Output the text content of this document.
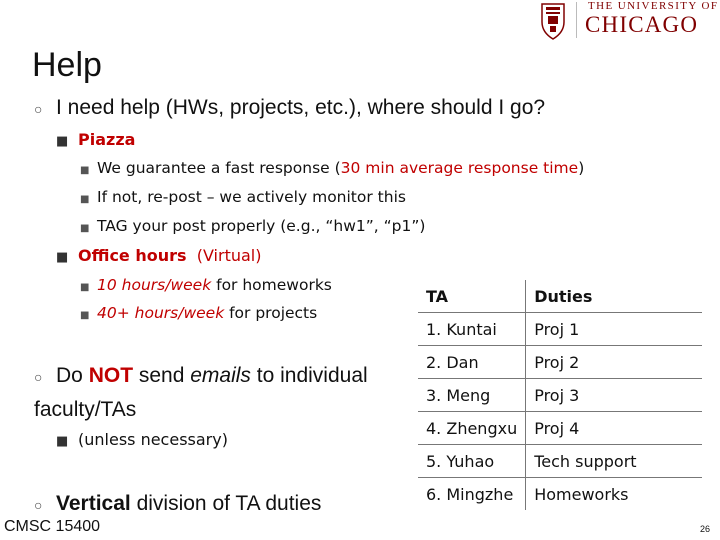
THE UNIVERSITY OF
CHICAGO
Help
○ I need help (HWs, projects, etc.), where should I go?
■ Piazza
■ We guarantee a fast response (30 min average response time)
■ If not, re-post – we actively monitor this
■ TAG your post properly (e.g., “hw1”, “p1”)
■ Office hours (Virtual)
■ 10 hours/week for homeworks
■ 40+ hours/week for projects
○ Do NOT send emails to individual
faculty/TAs
■ (unless necessary)
○ Vertical division of TA duties
TA	Duties
1. Kuntai	Proj 1
2. Dan	Proj 2
3. Meng	Proj 3
4. Zhengxu	Proj 4
5. Yuhao	Tech support
6. Mingzhe	Homeworks
CMSC 15400	26
